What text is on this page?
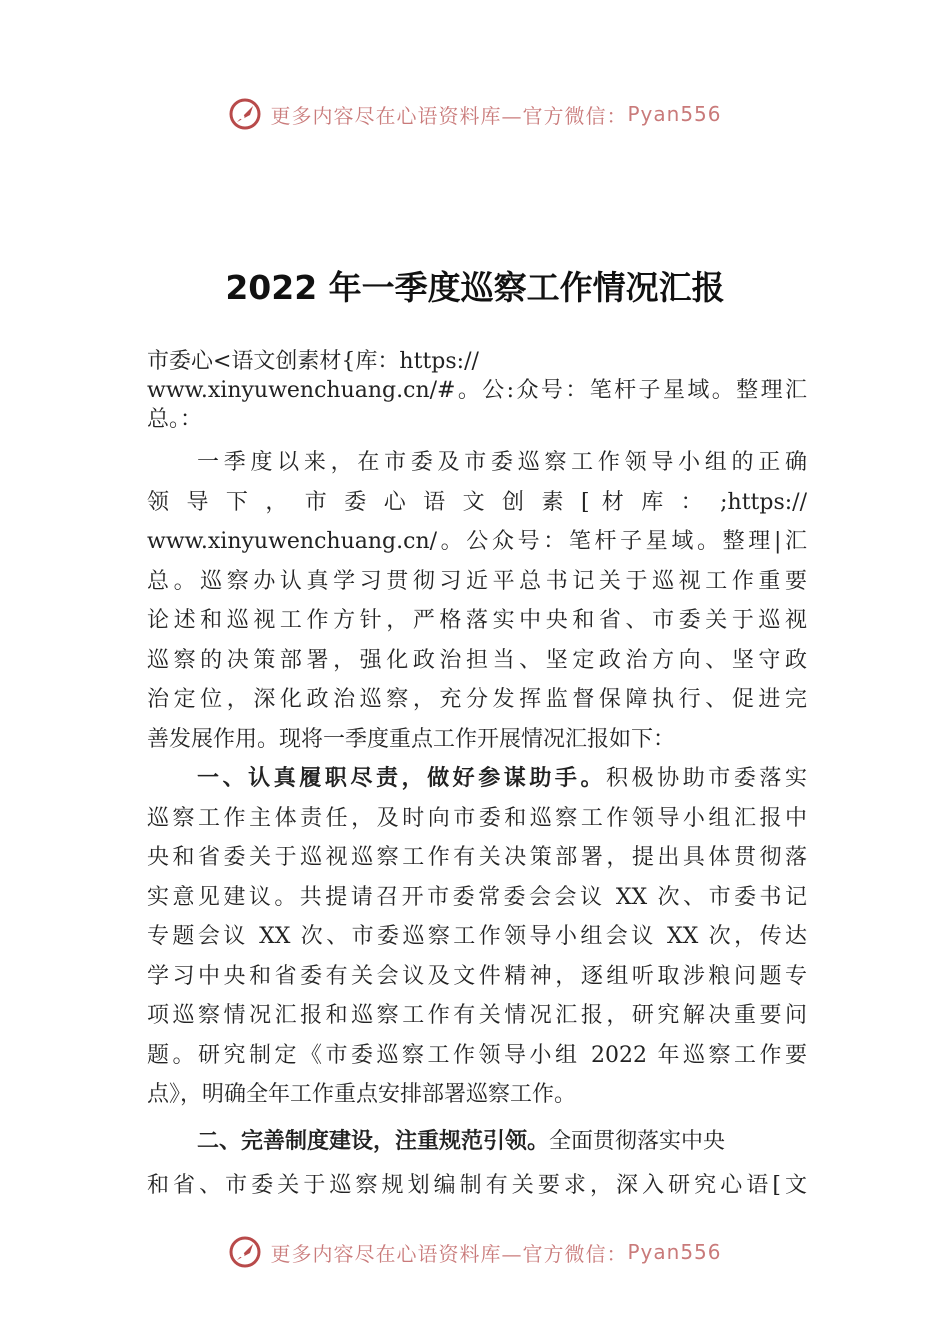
更多内容尽在心语资料库—官方微信： Pyan556
2022 年一季度巡察工作情况汇报
市委心<语文创素材{库：https://
www.xinyuwenchuang.cn/#。公:众号：笔杆子星域。整理汇
总。：
一季度以来，在市委及市委巡察工作领导小组的正确
领 导 下 ， 市 委 心 语 文 创 素 [ 材 库 ： ;https://
www.xinyuwenchuang.cn/。公众号：笔杆子星域。整理|汇
总。巡察办认真学习贯彻习近平总书记关于巡视工作重要
论述和巡视工作方针，严格落实中央和省、市委关于巡视
巡察的决策部署，强化政治担当、坚定政治方向、坚守政
治定位，深化政治巡察，充分发挥监督保障执行、促进完
善发展作用。现将一季度重点工作开展情况汇报如下：
一、认真履职尽责，做好参谋助手。积极协助市委落实
巡察工作主体责任，及时向市委和巡察工作领导小组汇报中
央和省委关于巡视巡察工作有关决策部署，提出具体贯彻落
实意见建议。共提请召开市委常委会会议 XX 次、市委书记
专题会议 XX 次、市委巡察工作领导小组会议 XX 次，传达
学习中央和省委有关会议及文件精神，逐组听取涉粮问题专
项巡察情况汇报和巡察工作有关情况汇报，研究解决重要问
题。研究制定《市委巡察工作领导小组 2022 年巡察工作要
点》，明确全年工作重点安排部署巡察工作。
二、完善制度建设，注重规范引领。全面贯彻落实中央
和省、市委关于巡察规划编制有关要求，深入研究心语[文
更多内容尽在心语资料库—官方微信： Pyan556
